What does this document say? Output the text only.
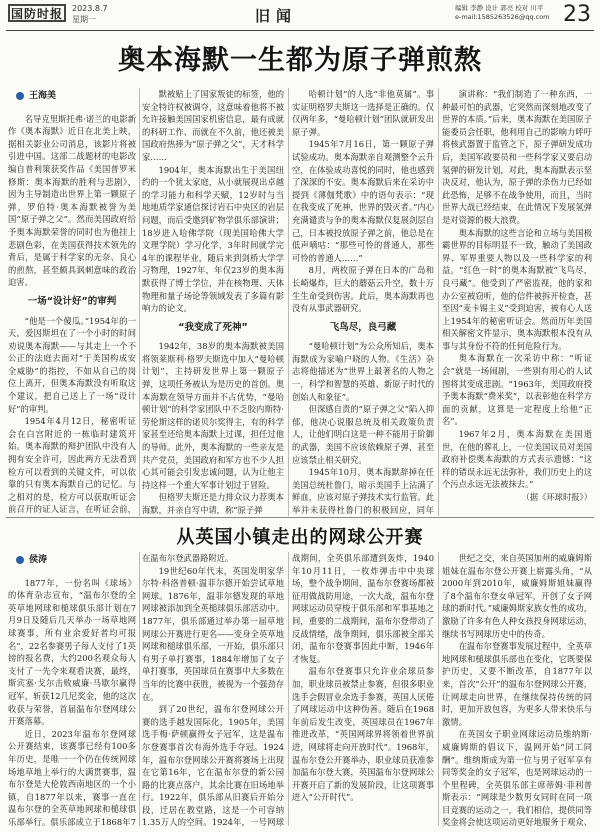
国防时报	2023.8.7
星期一	旧闻	编辑 李静 设计 郭亮 校对 川平
e-mail:1585263526@qq.com 23
奥本海默一生都为原子弹煎熬
王海美

名导克里斯托弗·诺兰的电影新作《奥本海默》近日在北美上映，据相关影业公司消息，该影片将被引进中国。这部二战题材的电影改编自普利策获奖作品《美国普罗米修斯：奥本海默的胜利与悲剧》，因为主导制造出世界上第一颗原子弹，罗伯特·奥本海默被誉为美国“原子弹之父”。然而美国政府给予奥本海默荣誉的同时也为他挂上悲剧色彩，在美国获得技术领先的背后，是属于科学家的无奈、良心的煎熬，甚至颇具讽刺意味的政治迫害。

一场“设计好”的审判

“他是一个傻瓜。”1954年的一天，爱因斯坦在了一个小时的时间劝说奥本海默——与其走上一个不公正的法庭去面对“于美国构成安全威胁”的指控，不如从自己的岗位上离开，但奥本海默没有听取这个建议，把自己送上了一场“设计好”的审判。

1954年4月12日，秘密听证会在白宫附近的一栋临时建筑开始。奥本海默的辩护团队中没有人拥有安全许可，因此两方无法看到检方可以看到的关键文件，可以依靠的只有奥本海默自己的记忆。与之相对的是，检方可以获取听证会前召开的证人证言，在听证会前，

默被贴上了国家叛徒的标签，他的安全特许权被调夺，这意味着他将不被允许接触美国国家机密信息，最有成就的科研工作、而就在不久前，他还被美国政府热捧为“原子弹之父”，天才科学家……

1904年，奥本海默出生于美国纽约的一个犹太家庭，从小就展现出卓越的学习能力和科学天赋，12岁时与当地地质学家通信探讨岩石中央区的岩层问题，而后受邀到矿物学俱乐部演讲；18岁进入哈佛学院（现美国哈佛大学文理学院）学习化学，3年时间就学完4年的课程毕业，随后来到剑桥大学学习物理，1927年，年仅23岁的奥本海默获得了博士学位，并在核物理、天体物理和量子场论等领域发表了多篇有影响力的论文。

“我变成了死神”

1942年，38岁的奥本海默被美国将领莱斯利·格罗夫斯选中加入“曼哈顿计划”，主持研发世界上第一颗原子弹，这项任务被认为是历史的首创。奥本海默在领导方面并不占优势，“曼哈顿计划”的科学家团队中不乏胶内斯特·劳伦斯这样的诺贝尔奖得主，有的科学家甚至还给奥本海默上过课，担任过他的导师。此外，奥本海默的一些亲友是共产党员，美国政府和军方也不少人担心其可能会引发忠诚问题，认为让他主持这样一个重大军事计划过于冒险。

但格罗夫斯还是力排众议力荐奥本海默，并亲自写中请，称“原子弹

哈顿计划”的人选“非他莫属”。事实证明格罗夫斯这一选择是正确的。仅仅两年多，“曼哈顿计划”团队就研发出原子弹。

1945年7月16日，第一颗原子弹试验成功。奥本海默亲自观测整个云升空，在体验成功喜悦的同时，他也感到了深深的不安。奥本海默后来在采访中提到《薄伽梵歌》中的语句表示：“现在我变成了死神，世界的毁灭者。”内心充满谴责与争的奥本海默仅复展剑层自己，日本被投放原子弹之前，他总是在低声嘀咕：“那些可怜的普通人，那些可怜的普通人……”

8月，两枚原子弹在日本的广岛和长崎爆炸，巨大的蘑菇云升空，数十万生生命受到伤害。此后，奥本海默再也没有从事武器研究。

飞鸟尽，良弓藏

“曼哈顿计划”为公众所知后，奥本海默成为家喻户晓的人物。《生活》杂志将他描述为“世界上最著名的人物之一，科学和智慧的英雄、新原子时代的创始人和象征”。

但深感自责的“原子弹之父”陷入抑郁，他决心说服总统及相关政策负责人，让他们明白这是一种不能用于阶御的武器，美国不应该依赖原子弹，甚至应该禁止相关研究。

1945年10月，奥本海默辞掉在任美国总统杜鲁门，暗示美国手上沾满了鲜血，应该对原子弹技术实行监管。此举并未获得杜鲁门的积极回应，同年

演讲称：“我们制造了一种东西，一种最可怕的武器，它突然而深刻地改变了世界的本质。”后来，奥本海默在美国原子能委员会任职，他利用自己的影响力呼吁将核武器置于监管之下，原子弹研发成功后，美国军政要员和一些科学家又要启动氢弹的研发计划，对此，奥本海默表示坚决反对，他认为，原子弹的杀伤力已经如此恐怖，足够不在战争使用，而且，当时世界大战已经结束，在此情况下发展氢弹是对资源的极大浪费。

奥本海默的这些言论和立场与美国极霸世界的目标明显不一致，触动了美国政界、军界重要人物以及一些科学家的利益。“红色一时”的奥本海默被“飞鸟尽，良弓藏”。他受到了严密监视，他的家和办公室被窃听，他的信件被拆开检查，甚至因“麦卡锡主义”受到迫害，被有心人送上1954年的秘密听证会。然而历年美国相关解密文件显示，奥本海默根本没有从事与其身份不符的任何危险行为。

奥本海默在一次采访中称：“听证会”就是一场闹剧，一些别有用心的人试图将其变成悲剧。“1963年，美国政府授予奥本海默“费米奖”，以表彰他在科学方面的贡献，这算是一定程度上给他“正名”。

1967年2月，奥本海默在美国逝世，在他的葬礼上，一位美国议员对美国政府补偿奥本海默的方式表示遗憾：“这样的错误永远无法弥补，我们历史上的这个污点永远无法被抹去。”

（据《环球时报》）
从英国小镇走出的网球公开赛
侯涛

1877年，一份名叫《球场》的体育杂志宣布，“温布尔登的全英草地网球和槌球俱乐部计划在7月9日及随后几天举办一场草地网球赛事，所有业余爱好者均可报名”，22名参赛男子每人支付了1英镑的报名费，大约200名观众每人支付了一先令来观看决赛，最终，斯宾塞·戈尔击败威廉·马歇尔赢得冠军，斩获12几尼奖金，他的这次收获与荣誉，首届温布尔登网球公开赛落幕。

近日，2023年温布尔登网球公开赛结束，该赛事已经有100多年历史，是唯一一个仍在传统网球场地草地上举行的大满贯赛事，温布尔登是大伦敦西南地区的一个小镇，自1877年以来，赛事一直在温布尔登的全英草地网球和槌球俱乐部举行。俱乐部成立于1868年7

在温布尔登武器路附近。

19世纪60年代末，英国发明家华尔特·科洛普顿·温菲尔德开始尝试草地网球。1876年，温菲尔德发现的草地网球被添加到全英槌球俱乐部活动中。1877年，俱乐部通过举办第一届草地网球公开赛进行更名——变身全英草地网球和槌球俱乐部，一开始，俱乐部只有男子单打赛事，1884年增加了女子单打赛事，英国球员在赛事中大多数在当年的比赛中获胜，被视为一个强劲存在。

到了20世纪，温布尔登网球公开赛的选手越发国际化，1905年，美国选手梅·萨顿赢得女子冠军，这是温布尔登赛事首次有海外选手夺冠。1924年，温布尔登网球公开赛将赛场上出现在它第16年，它在温布尔登的新公园路的比赛点落户，其余比赛在旧场地举行。1922年，俱乐部从旧赛后开始分段，迁居在教堂路，这是一个可容纳1.35万人的空间。1924年，一号网球

战期间，全英俱乐部遭到轰炸，1940年10月11日，一枚炸弹击中中央球场，整个战争期间，温布尔登赛场都被征用做战防用途，一次大战，温布尔登网球运动员穿梭于俱乐部和军事基地之间，重要的二战期间，温布尔登带动了反战情绪，战争期间，俱乐部被全部关闭，温布尔登赛事因此中断，1946年才恢复。

温布尔登赛事只允许业余球员参加，职业球员被禁止参赛，但很多职业选手会假冒业余选手参赛，英国人厌倦了网球运动中这种伪善。随后在1968年前后发生改变，英国球员在1967年推进改革，“英国网球界将领着世界前进，网球将走向开放时代”。1968年，温布尔登公开赛举办，职业球员获准参加温布尔登大赛，英国温布尔登网球公开赛开启了新的发展阶段，让这项赛事进入“公开时代”。

世纪之交，来自英国加州的威廉姆斯姐妹在温布尔登公开赛上崭露头角，“从2000年到2010年，威廉姆斯姐妹赢得了8个温布尔登女单冠军，开创了女子网球的新时代。”威廉姆斯家族女性的成功，激励了许多有色人种女孩投身网球运动，继续书写网球历史中的传奇。

在温布尔登赛事发展过程中，全英草地网球和槌球俱乐部也在变化，它既要保护历史，又要不断改革，自1877年以来，首次“公开”的温布尔登网球公开赛，让网球走向世界，在继续保持传统的同时，更加开放包容，为更多人带来快乐与激情。

在英国女子职业网球运动员维纳斯·威廉姆斯的倡议下，温网开始“同工同酬”。维纳斯成为第一位与男子冠军享有同等奖金的女子冠军，也是网球运动的一个里程碑，全英俱乐部主席蒂姆·菲利普斯表示：“网球是少数男女同时在同一项目竞赛的运动之一，我们相信，提供同等奖金将会使这项运动更好地服务于观众、
